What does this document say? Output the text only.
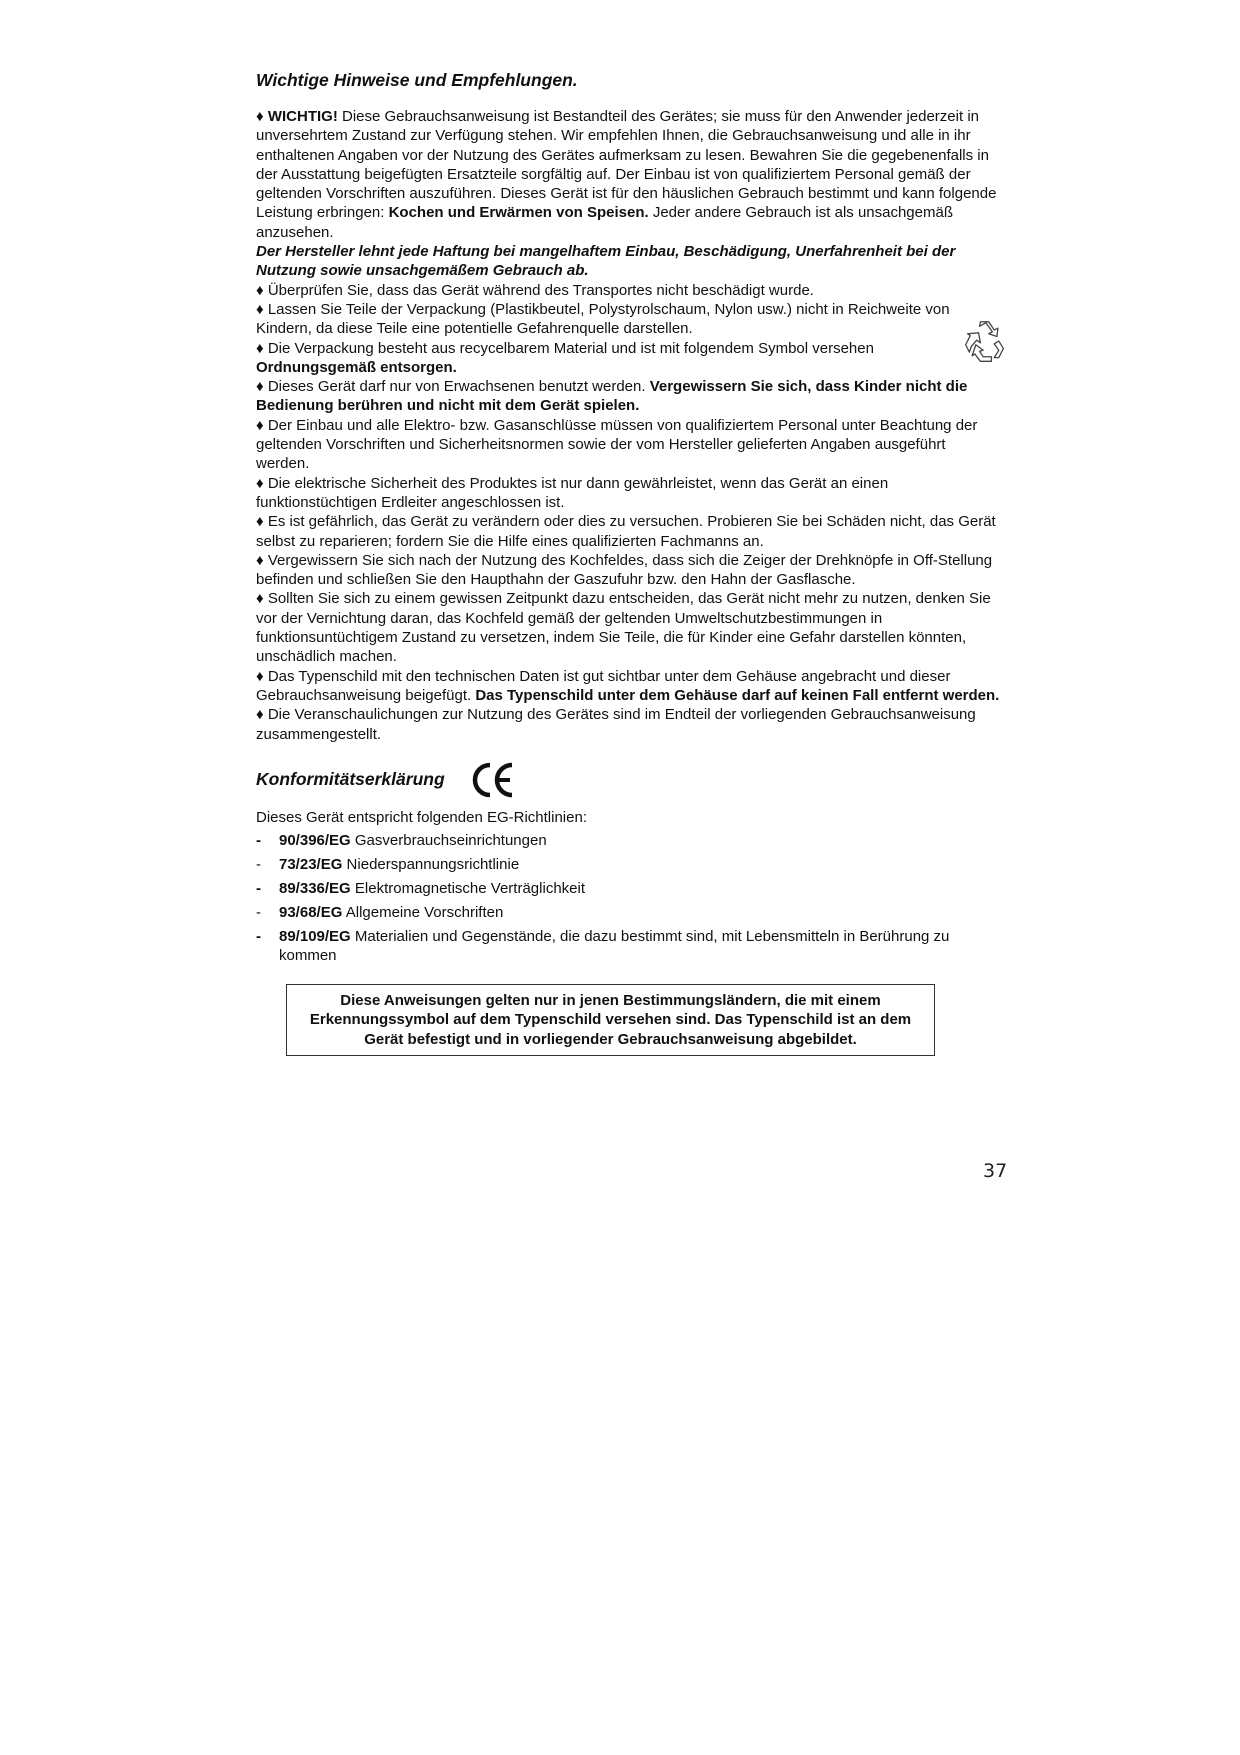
Wichtige Hinweise und Empfehlungen.

♦ WICHTIG! Diese Gebrauchsanweisung ist Bestandteil des Gerätes; sie muss für den Anwender jederzeit in unversehrtem Zustand zur Verfügung stehen. Wir empfehlen Ihnen, die Gebrauchsanweisung und alle in ihr enthaltenen Angaben vor der Nutzung des Gerätes aufmerksam zu lesen. Bewahren Sie die gegebenenfalls in der Ausstattung beigefügten Ersatzteile sorgfältig auf. Der Einbau ist von qualifiziertem Personal gemäß der geltenden Vorschriften auszuführen. Dieses Gerät ist für den häuslichen Gebrauch bestimmt und kann folgende Leistung erbringen: Kochen und Erwärmen von Speisen. Jeder andere Gebrauch ist als unsachgemäß anzusehen.

Der Hersteller lehnt jede Haftung bei mangelhaftem Einbau, Beschädigung, Unerfahrenheit bei der Nutzung sowie unsachgemäßem Gebrauch ab.

♦ Überprüfen Sie, dass das Gerät während des Transportes nicht beschädigt wurde.

♦ Lassen Sie Teile der Verpackung (Plastikbeutel, Polystyrolschaum, Nylon usw.) nicht in Reichweite von Kindern, da diese Teile eine potentielle Gefahrenquelle darstellen.

♦ Die Verpackung besteht aus recycelbarem Material und ist mit folgendem Symbol versehen

Ordnungsgemäß entsorgen.

♦ Dieses Gerät darf nur von Erwachsenen benutzt werden. Vergewissern Sie sich, dass Kinder nicht die Bedienung berühren und nicht mit dem Gerät spielen.

♦ Der Einbau und alle Elektro- bzw. Gasanschlüsse müssen von qualifiziertem Personal unter Beachtung der geltenden Vorschriften und Sicherheitsnormen sowie der vom Hersteller gelieferten Angaben ausgeführt werden.

♦ Die elektrische Sicherheit des Produktes ist nur dann gewährleistet, wenn das Gerät an einen funktionstüchtigen Erdleiter angeschlossen ist.

♦ Es ist gefährlich, das Gerät zu verändern oder dies zu versuchen. Probieren Sie bei Schäden nicht, das Gerät selbst zu reparieren; fordern Sie die Hilfe eines qualifizierten Fachmanns an.

♦ Vergewissern Sie sich nach der Nutzung des Kochfeldes, dass sich die Zeiger der Drehknöpfe in Off-Stellung befinden und schließen Sie den Haupthahn der Gaszufuhr bzw. den Hahn der Gasflasche.

♦ Sollten Sie sich zu einem gewissen Zeitpunkt dazu entscheiden, das Gerät nicht mehr zu nutzen, denken Sie vor der Vernichtung daran, das Kochfeld gemäß der geltenden Umweltschutzbestimmungen in funktionsuntüchtigem Zustand zu versetzen, indem Sie Teile, die für Kinder eine Gefahr darstellen könnten, unschädlich machen.

♦ Das Typenschild mit den technischen Daten ist gut sichtbar unter dem Gehäuse angebracht und dieser Gebrauchsanweisung beigefügt. Das Typenschild unter dem Gehäuse darf auf keinen Fall entfernt werden.

♦ Die Veranschaulichungen zur Nutzung des Gerätes sind im Endteil der vorliegenden Gebrauchsanweisung zusammengestellt.

Konformitätserklärung
Dieses Gerät entspricht folgenden EG-Richtlinien:
-	90/396/EG Gasverbrauchseinrichtungen
-	73/23/EG Niederspannungsrichtlinie
-	89/336/EG Elektromagnetische Verträglichkeit
-	93/68/EG Allgemeine Vorschriften
-	89/109/EG Materialien und Gegenstände, die dazu bestimmt sind, mit Lebensmitteln in Berührung zu kommen
Diese Anweisungen gelten nur in jenen Bestimmungsländern, die mit einem Erkennungssymbol auf dem Typenschild versehen sind. Das Typenschild ist an dem Gerät befestigt und in vorliegender Gebrauchsanweisung abgebildet.
37
